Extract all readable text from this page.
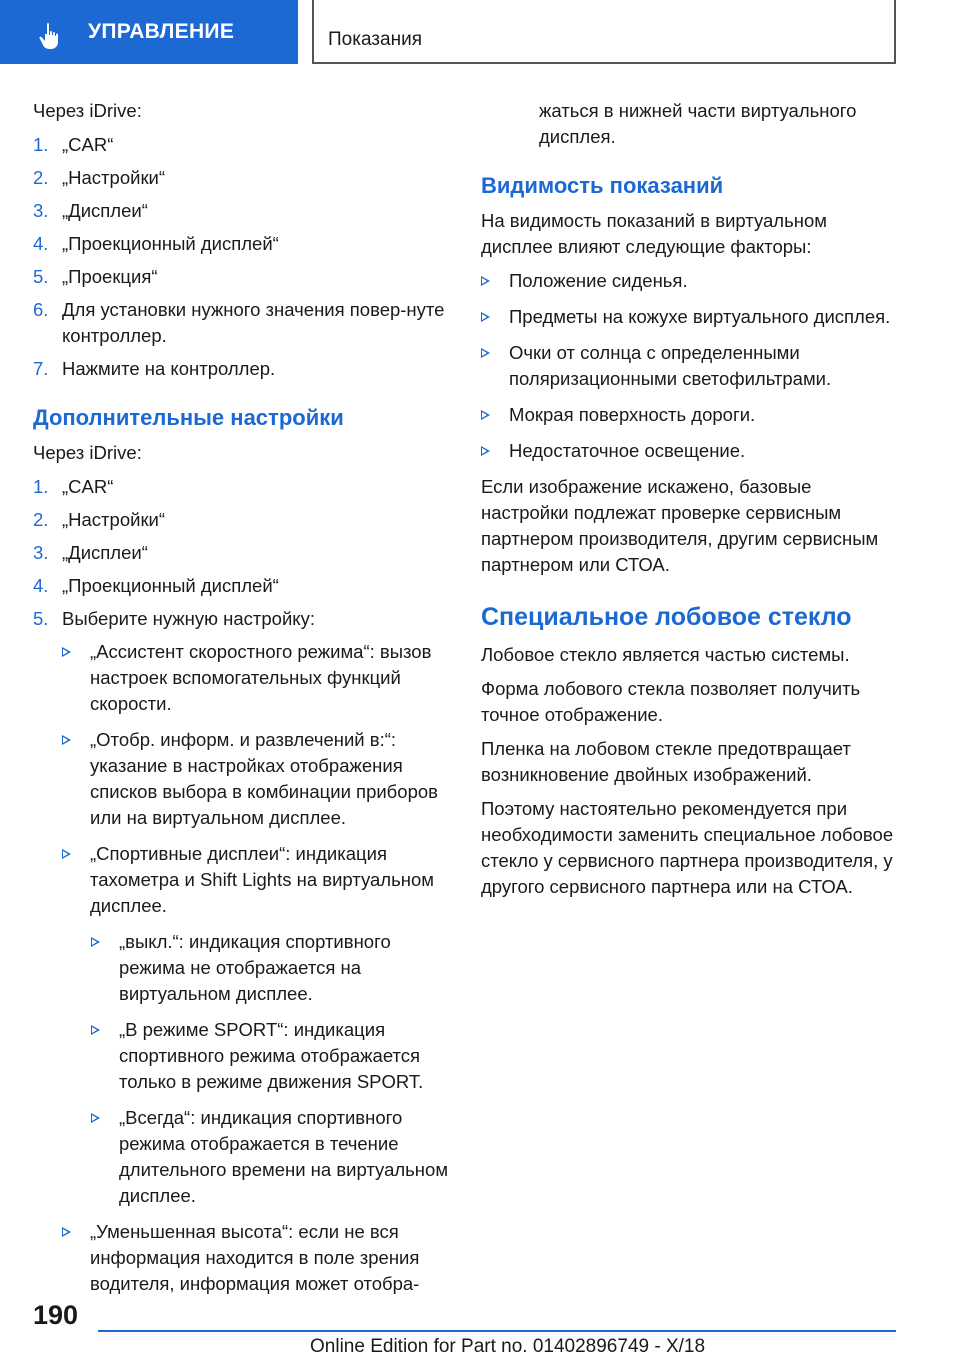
УПРАВЛЕНИЕ	Показания
Через iDrive:
1. „CAR“
2. „Настройки“
3. „Дисплеи“
4. „Проекционный дисплей“
5. „Проекция“
6. Для установки нужного значения повер-нуте контроллер.
7. Нажмите на контроллер.
Дополнительные настройки
Через iDrive:
1. „CAR“
2. „Настройки“
3. „Дисплеи“
4. „Проекционный дисплей“
5. Выберите нужную настройку:
„Ассистент скоростного режима“: вызов настроек вспомогательных функций скорости.
„Отобр. информ. и развлечений в:“: указание в настройках отображения списков выбора в комбинации приборов или на виртуальном дисплее.
„Спортивные дисплеи“: индикация тахометра и Shift Lights на виртуальном дисплее.
„выкл.“: индикация спортивного режима не отображается на виртуальном дисплее.
„В режиме SPORT“: индикация спортивного режима отображается только в режиме движения SPORT.
„Всегда“: индикация спортивного режима отображается в течение длительного времени на виртуальном дисплее.
„Уменьшенная высота“: если не вся информация находится в поле зрения водителя, информация может отобра-
жаться в нижней части виртуального дисплея.
Видимость показаний
На видимость показаний в виртуальном дисплее влияют следующие факторы:
Положение сиденья.
Предметы на кожухе виртуального дисплея.
Очки от солнца с определенными поляризационными светофильтрами.
Мокрая поверхность дороги.
Недостаточное освещение.
Если изображение искажено, базовые настройки подлежат проверке сервисным партнером производителя, другим сервисным партнером или СТОА.
Специальное лобовое стекло
Лобовое стекло является частью системы.
Форма лобового стекла позволяет получить точное отображение.
Пленка на лобовом стекле предотвращает возникновение двойных изображений.
Поэтому настоятельно рекомендуется при необходимости заменить специальное лобовое стекло у сервисного партнера производителя, у другого сервисного партнера или на СТОА.
190
Online Edition for Part no. 01402896749 - X/18
